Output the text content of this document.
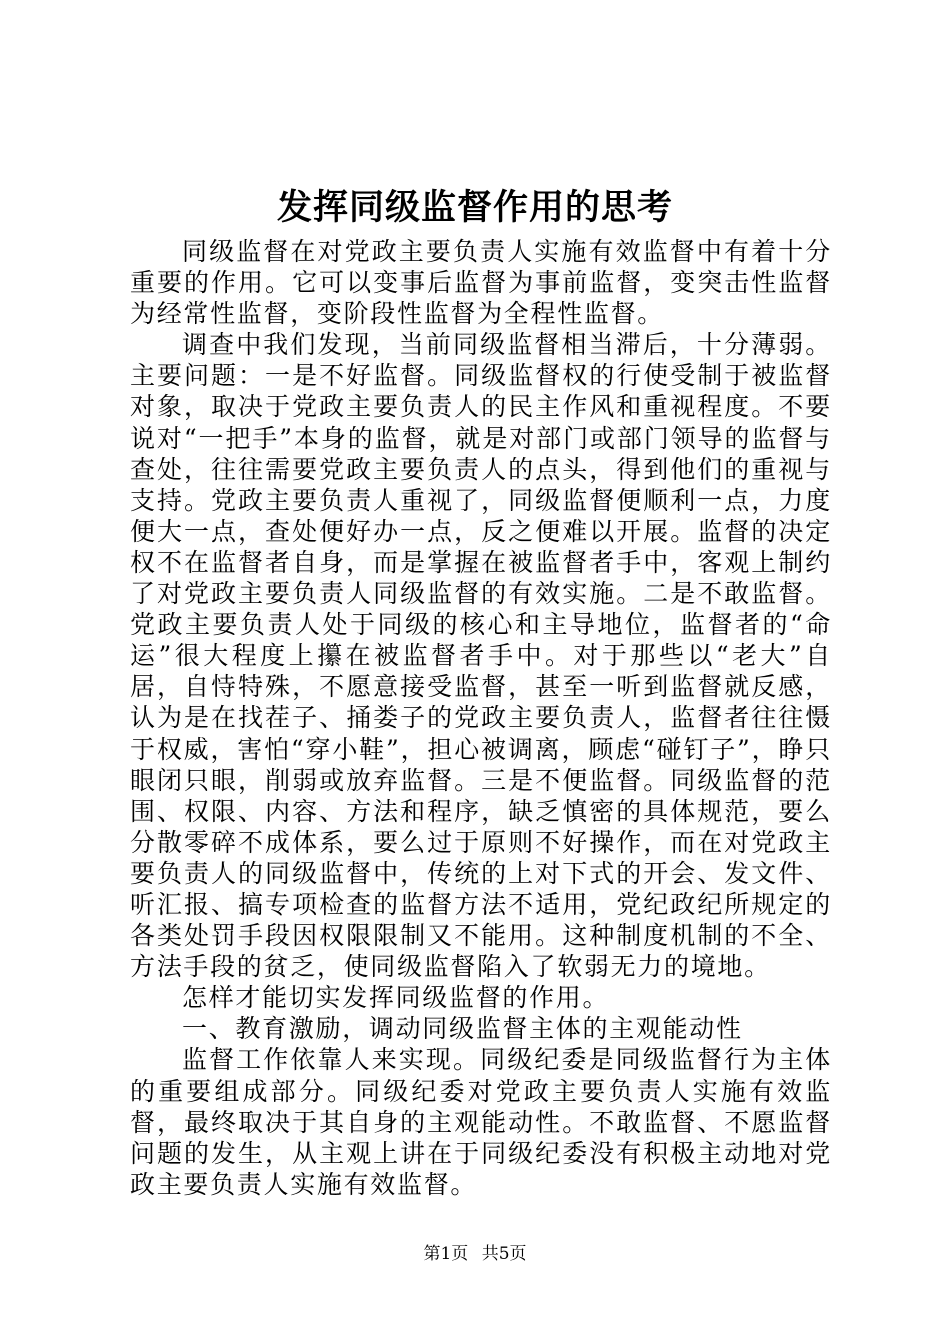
发挥同级监督作用的思考

同级监督在对党政主要负责人实施有效监督中有着十分重要的作用。它可以变事后监督为事前监督，变突击性监督为经常性监督，变阶段性监督为全程性监督。

调查中我们发现，当前同级监督相当滞后，十分薄弱。主要问题：一是不好监督。同级监督权的行使受制于被监督对象，取决于党政主要负责人的民主作风和重视程度。不要说对“一把手”本身的监督，就是对部门或部门领导的监督与查处，往往需要党政主要负责人的点头，得到他们的重视与支持。党政主要负责人重视了，同级监督便顺利一点，力度便大一点，查处便好办一点，反之便难以开展。监督的决定权不在监督者自身，而是掌握在被监督者手中，客观上制约了对党政主要负责人同级监督的有效实施。二是不敢监督。党政主要负责人处于同级的核心和主导地位，监督者的“命运”很大程度上攥在被监督者手中。对于那些以“老大”自居，自恃特殊，不愿意接受监督，甚至一听到监督就反感，认为是在找茬子、捅娄子的党政主要负责人，监督者往往慑于权威，害怕“穿小鞋”，担心被调离，顾虑“碰钉子”，睁只眼闭只眼，削弱或放弃监督。三是不便监督。同级监督的范围、权限、内容、方法和程序，缺乏慎密的具体规范，要么分散零碎不成体系，要么过于原则不好操作，而在对党政主要负责人的同级监督中，传统的上对下式的开会、发文件、听汇报、搞专项检查的监督方法不适用，党纪政纪所规定的各类处罚手段因权限限制又不能用。这种制度机制的不全、方法手段的贫乏，使同级监督陷入了软弱无力的境地。

怎样才能切实发挥同级监督的作用。

一、教育激励，调动同级监督主体的主观能动性

监督工作依靠人来实现。同级纪委是同级监督行为主体的重要组成部分。同级纪委对党政主要负责人实施有效监督，最终取决于其自身的主观能动性。不敢监督、不愿监督问题的发生，从主观上讲在于同级纪委没有积极主动地对党政主要负责人实施有效监督。

第1页 共5页
